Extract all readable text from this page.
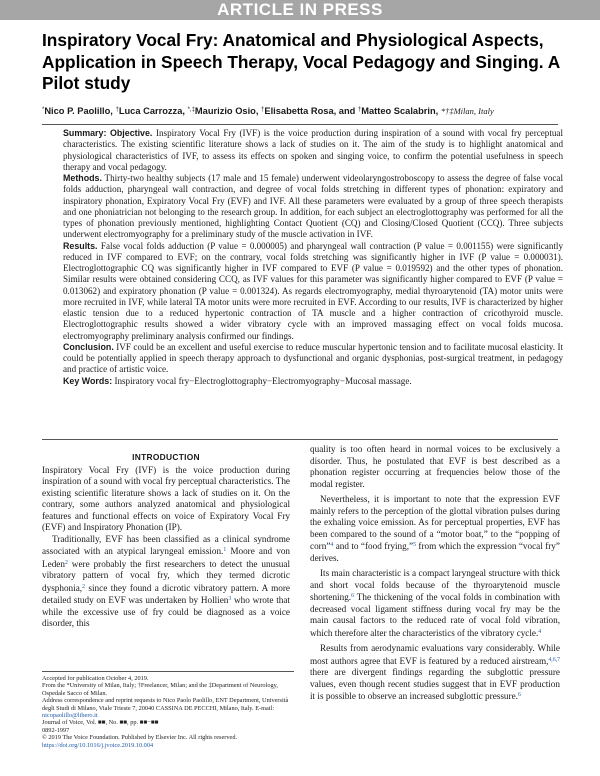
ARTICLE IN PRESS
Inspiratory Vocal Fry: Anatomical and Physiological Aspects, Application in Speech Therapy, Vocal Pedagogy and Singing. A Pilot study
*Nico P. Paolillo, †Luca Carrozza, *,‡Maurizio Osio, †Elisabetta Rosa, and †Matteo Scalabrin, *†‡Milan, Italy

Summary: Objective. Inspiratory Vocal Fry (IVF) is the voice production during inspiration of a sound with vocal fry perceptual characteristics. The existing scientific literature shows a lack of studies on it. The aim of the study is to highlight anatomical and physiological characteristics of IVF, to assess its effects on spoken and singing voice, to confirm the potential usefulness in speech therapy and vocal pedagogy.

Methods. Thirty-two healthy subjects (17 male and 15 female) underwent videolaryngostroboscopy to assess the degree of false vocal folds adduction, pharyngeal wall contraction, and degree of vocal folds stretching in different types of phonation: expiratory and inspiratory phonation, Expiratory Vocal Fry (EVF) and IVF. All these parameters were evaluated by a group of three speech therapists and one phoniatrician not belonging to the research group. In addition, for each subject an electroglottography was performed for all the types of phonation previously mentioned, highlighting Contact Quotient (CQ) and Closing/Closed Quotient (CCQ). Three subjects underwent electromyography for a preliminary study of the muscle activation in IVF.

Results. False vocal folds adduction (P value = 0.000005) and pharyngeal wall contraction (P value = 0.001155) were significantly reduced in IVF compared to EVF; on the contrary, vocal folds stretching was significantly higher in IVF (P value = 0.000031). Electroglottographic CQ was significantly higher in IVF compared to EVF (P value = 0.019592) and the other types of phonation. Similar results were obtained considering CCQ, as IVF values for this parameter was significantly higher compared to EVF (P value = 0.013062) and expiratory phonation (P value = 0.001324). As regards electromyography, medial thyroarytenoid (TA) motor units were more recruited in IVF, while lateral TA motor units were more recruited in EVF. According to our results, IVF is characterized by higher elastic tension due to a reduced hypertonic contraction of TA muscle and a higher contraction of cricothyroid muscle. Electroglottographic results showed a wider vibratory cycle with an improved massaging effect on vocal folds mucosa. electromyography preliminary analysis confirmed our findings.

Conclusion. IVF could be an excellent and useful exercise to reduce muscular hypertonic tension and to facilitate mucosal elasticity. It could be potentially applied in speech therapy approach to dysfunctional and organic dysphonias, post-surgical treatment, in pedagogy and practice of artistic voice.

Key Words: Inspiratory vocal fry−Electroglottography−Electromyography−Mucosal massage.

INTRODUCTION

Inspiratory Vocal Fry (IVF) is the voice production during inspiration of a sound with vocal fry perceptual characteristics. The existing scientific literature shows a lack of studies on it. On the contrary, some authors analyzed anatomical and physiological features and functional effects on voice of Expiratory Vocal Fry (EVF) and Inspiratory Phonation (IP).

Traditionally, EVF has been classified as a clinical syndrome associated with an atypical laryngeal emission.$^1$ Moore and von Leden$^2$ were probably the first researchers to detect the unusual vibratory pattern of vocal fry, which they termed dicrotic dysphonia,$^2$ since they found a dicrotic vibratory pattern. A more detailed study on EVF was undertaken by Hollien$^3$ who wrote that while the excessive use of fry could be diagnosed as a voice disorder, this

quality is too often heard in normal voices to be exclusively a disorder. Thus, he postulated that EVF is best described as a phonation register occurring at frequencies below those of the modal register.

Nevertheless, it is important to note that the expression EVF mainly refers to the perception of the glottal vibration pulses during the exhaling voice emission. As for perceptual properties, EVF has been compared to the sound of a “motor boat,” to the “popping of corn”$^4$ and to “food frying,”$^5$ from which the expression “vocal fry” derives.

Its main characteristic is a compact laryngeal structure with thick and short vocal folds because of the thyroarytenoid muscle shortening.$^6$ The thickening of the vocal folds in combination with decreased vocal ligament stiffness during vocal fry may be the main causal factors to the reduced rate of vocal fold vibration, which therefore alter the characteristics of the vibratory cycle.$^4$

Results from aerodynamic evaluations vary considerably. While most authors agree that EVF is featured by a reduced airstream,$^{4,6,7}$ there are divergent findings regarding the subglottic pressure values, even though recent studies suggest that in EVF production it is possible to observe an increased subglottic pressure.$^6$

Accepted for publication October 4, 2019.

From the *University of Milan, Italy; †Freelancer, Milan; and the ‡Department of Neurology, Ospedale Sacco of Milan.

Address correspondence and reprint requests to Nico Paolo Paolillo, ENT Department, Università degli Studi di Milano, Viale Trieste 7, 20040 CASSINA DE PECCHI, Milano, Italy. E-mail: nicopaolillo@libero.it

Journal of Voice, Vol. ■■, No. ■■, pp. ■■−■■

0892-1997

© 2019 The Voice Foundation. Published by Elsevier Inc. All rights reserved.

https://doi.org/10.1016/j.jvoice.2019.10.004
